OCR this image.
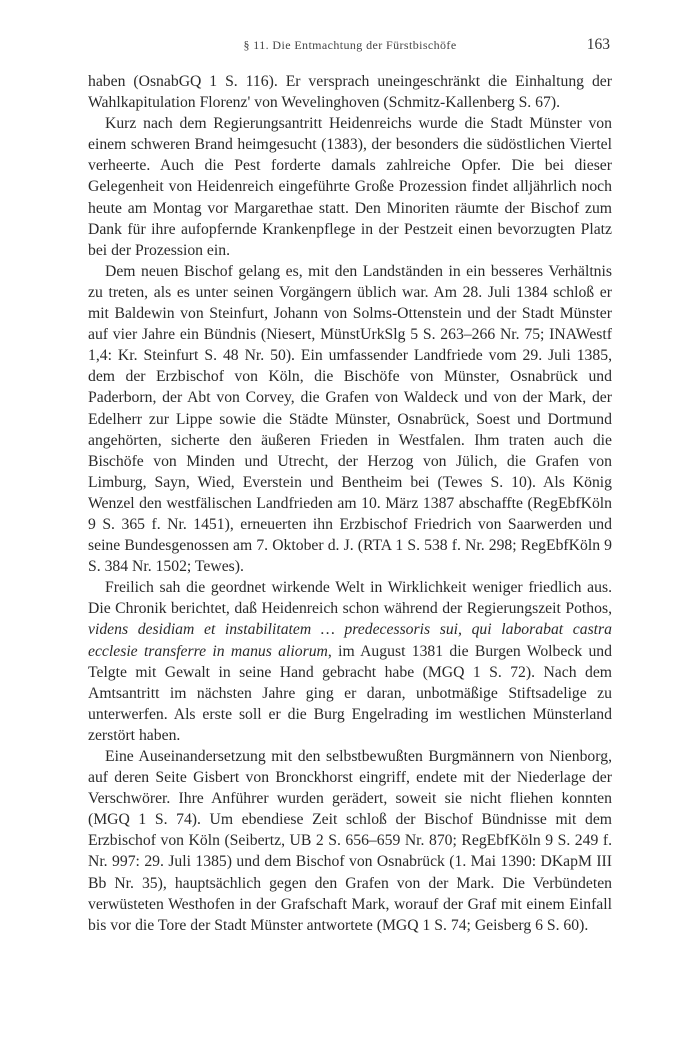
§ 11. Die Entmachtung der Fürstbischöfe	163

haben (OsnabGQ 1 S. 116). Er versprach uneingeschränkt die Einhaltung der Wahlkapitulation Florenz' von Wevelinghoven (Schmitz-Kallenberg S. 67).

Kurz nach dem Regierungsantritt Heidenreichs wurde die Stadt Münster von einem schweren Brand heimgesucht (1383), der besonders die südöstlichen Viertel verheerte. Auch die Pest forderte damals zahlreiche Opfer. Die bei dieser Gelegenheit von Heidenreich eingeführte Große Prozession findet alljährlich noch heute am Montag vor Margarethae statt. Den Minoriten räumte der Bischof zum Dank für ihre aufopfernde Krankenpflege in der Pestzeit einen bevorzugten Platz bei der Prozession ein.

Dem neuen Bischof gelang es, mit den Landständen in ein besseres Verhältnis zu treten, als es unter seinen Vorgängern üblich war. Am 28. Juli 1384 schloß er mit Baldewin von Steinfurt, Johann von Solms-Ottenstein und der Stadt Münster auf vier Jahre ein Bündnis (Niesert, MünstUrkSlg 5 S. 263–266 Nr. 75; INAWestf 1,4: Kr. Steinfurt S. 48 Nr. 50). Ein umfassender Landfriede vom 29. Juli 1385, dem der Erzbischof von Köln, die Bischöfe von Münster, Osnabrück und Paderborn, der Abt von Corvey, die Grafen von Waldeck und von der Mark, der Edelherr zur Lippe sowie die Städte Münster, Osnabrück, Soest und Dortmund angehörten, sicherte den äußeren Frieden in Westfalen. Ihm traten auch die Bischöfe von Minden und Utrecht, der Herzog von Jülich, die Grafen von Limburg, Sayn, Wied, Everstein und Bentheim bei (Tewes S. 10). Als König Wenzel den westfälischen Landfrieden am 10. März 1387 abschaffte (RegEbfKöln 9 S. 365 f. Nr. 1451), erneuerten ihn Erzbischof Friedrich von Saarwerden und seine Bundesgenossen am 7. Oktober d. J. (RTA 1 S. 538 f. Nr. 298; RegEbfKöln 9 S. 384 Nr. 1502; Tewes).

Freilich sah die geordnet wirkende Welt in Wirklichkeit weniger friedlich aus. Die Chronik berichtet, daß Heidenreich schon während der Regierungszeit Pothos, videns desidiam et instabilitatem … predecessoris sui, qui laborabat castra ecclesie transferre in manus aliorum, im August 1381 die Burgen Wolbeck und Telgte mit Gewalt in seine Hand gebracht habe (MGQ 1 S. 72). Nach dem Amtsantritt im nächsten Jahre ging er daran, unbotmäßige Stiftsadelige zu unterwerfen. Als erste soll er die Burg Engelrading im westlichen Münsterland zerstört haben.

Eine Auseinandersetzung mit den selbstbewußten Burgmännern von Nienborg, auf deren Seite Gisbert von Bronckhorst eingriff, endete mit der Niederlage der Verschwörer. Ihre Anführer wurden gerädert, soweit sie nicht fliehen konnten (MGQ 1 S. 74). Um ebendiese Zeit schloß der Bischof Bündnisse mit dem Erzbischof von Köln (Seibertz, UB 2 S. 656–659 Nr. 870; RegEbfKöln 9 S. 249 f. Nr. 997: 29. Juli 1385) und dem Bischof von Osnabrück (1. Mai 1390: DKapM III Bb Nr. 35), hauptsächlich gegen den Grafen von der Mark. Die Verbündeten verwüsteten Westhofen in der Grafschaft Mark, worauf der Graf mit einem Einfall bis vor die Tore der Stadt Münster antwortete (MGQ 1 S. 74; Geisberg 6 S. 60).
